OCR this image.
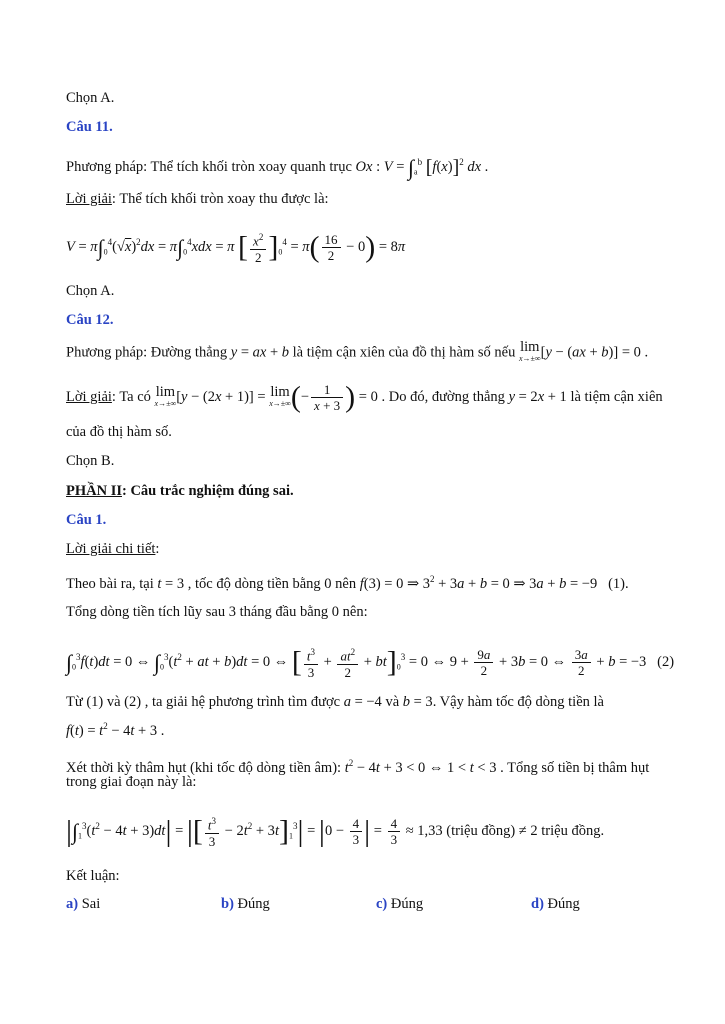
Chọn A.
Câu 11.
Phương pháp: Thể tích khối tròn xoay quanh trục Ox : $V = \int_a^b$ $[f(x)]^2$ dx .
Lời giải: Thể tích khối tròn xoay thu được là:
$V = \pi\int_0^4(√x)^2dx = \pi\int_0^4xdx = \pi$ [ $\frac{x^2}{2} ]_0^4 = \pi( \frac{16}{2} - 0) = 8\pi$
Chọn A.
Câu 12.
Phương pháp: Đường thẳng y = ax + b là tiệm cận xiên của đồ thị hàm số nếu lim
x→±∞ [y − (ax + b)] = 0 .
Lời giải: Ta có lim
x→±∞ [y − (2x + 1)] = lim
x→±∞ (− $\frac{1}{x + 3}$ ) = 0 . Do đó, đường thẳng y = 2x + 1 là tiệm cận xiên
của đồ thị hàm số.
Chọn B.
PHẦN II: Câu trắc nghiệm đúng sai.
Câu 1.
Lời giải chi tiết:
Theo bài ra, tại t = 3 , tốc độ dòng tiền bằng 0 nên f(3) = 0 ⇒ $3^2 + 3a + b = 0$ ⇒ 3a + b = −9   (1).
Tổng dòng tiền tích lũy sau 3 tháng đầu bằng 0 nên:
$\int_0^3f(t)dt = 0$ ⇔ $\int_0^3(t^2$ + at + b)dt = 0 ⇔ [ $\frac{t^3}{3} + \frac{at^2}{2} + bt]_0^3 = 0$ ⇔ $9 + \frac{9a}{2} + 3b = 0$ ⇔ $\frac{3a}{2} + b = -3$   (2)
Từ (1) và (2) , ta giải hệ phương trình tìm được a = −4 và b = 3. Vậy hàm tốc độ dòng tiền là
$f(t) = t^2 - 4t + 3$ .
Xét thời kỳ thâm hụt (khi tốc độ dòng tiền âm): $t^2 - 4t + 3 < 0$ ⇔ 1 < t < 3 . Tổng số tiền bị thâm hụt
trong giai đoạn này là:
$|\int_1^3(t^2 - 4t + 3)dt|$ = |[ $\frac{t^3}{3} - 2t^2 + 3t]_1^3| = |0 - \frac{4}{3}$ | = $\frac{4}{3} \approx 1,33$ (triệu đồng) ≠ 2 triệu đồng.
Kết luận:
a) Sai	b) Đúng	c) Đúng	d) Đúng
